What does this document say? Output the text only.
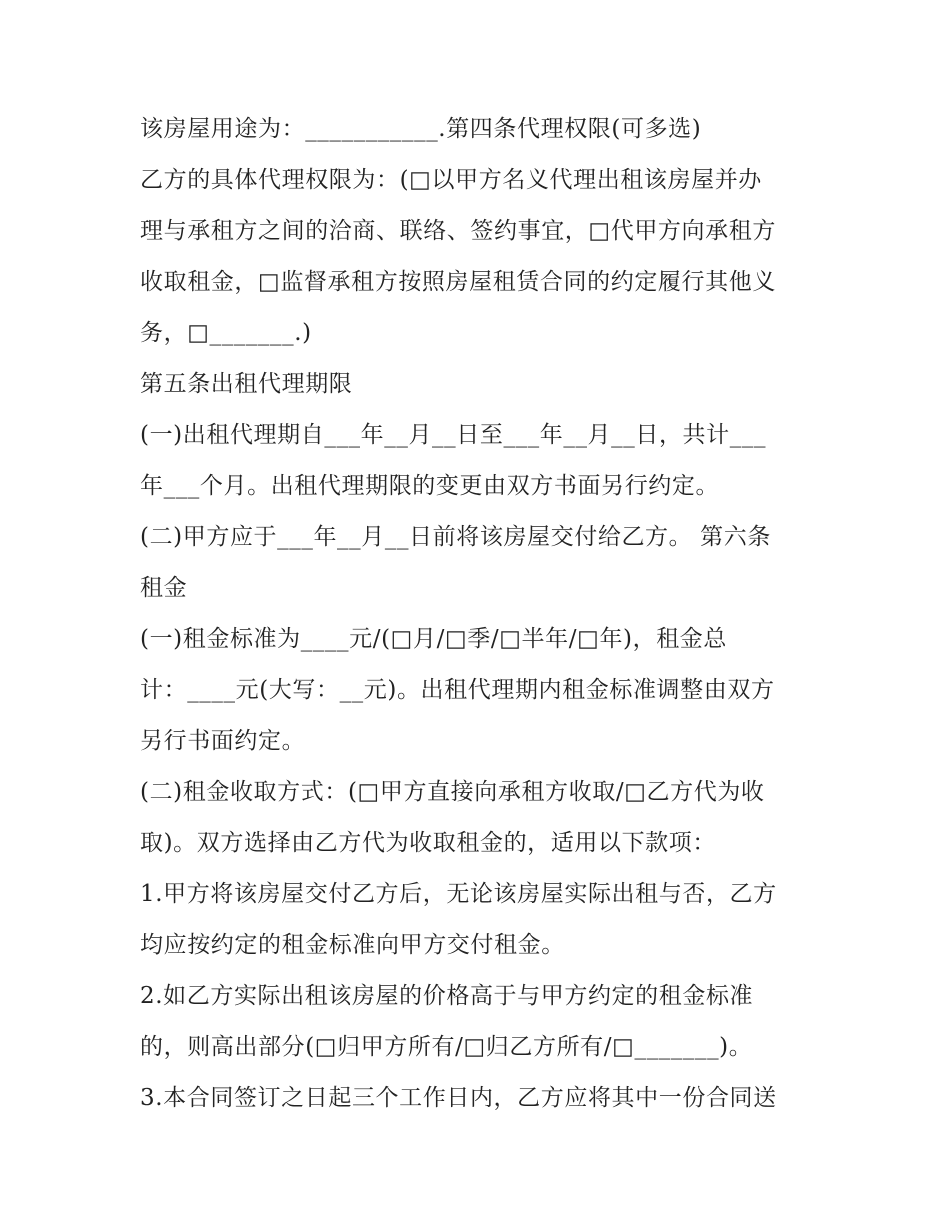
该房屋用途为：___________.第四条代理权限(可多选)
乙方的具体代理权限为：(□以甲方名义代理出租该房屋并办
理与承租方之间的洽商、联络、签约事宜，□代甲方向承租方
收取租金，□监督承租方按照房屋租赁合同的约定履行其他义
务，□_______.)
第五条出租代理期限
(一)出租代理期自___年__月__日至___年__月__日，共计___
年___个月。出租代理期限的变更由双方书面另行约定。
(二)甲方应于___年__月__日前将该房屋交付给乙方。 第六条
租金
(一)租金标准为____元/(□月/□季/□半年/□年)，租金总
计：____元(大写：__元)。出租代理期内租金标准调整由双方
另行书面约定。
(二)租金收取方式：(□甲方直接向承租方收取/□乙方代为收
取)。双方选择由乙方代为收取租金的，适用以下款项：
1.甲方将该房屋交付乙方后，无论该房屋实际出租与否，乙方
均应按约定的租金标准向甲方交付租金。
2.如乙方实际出租该房屋的价格高于与甲方约定的租金标准
的，则高出部分(□归甲方所有/□归乙方所有/□_______)。
3.本合同签订之日起三个工作日内，乙方应将其中一份合同送
